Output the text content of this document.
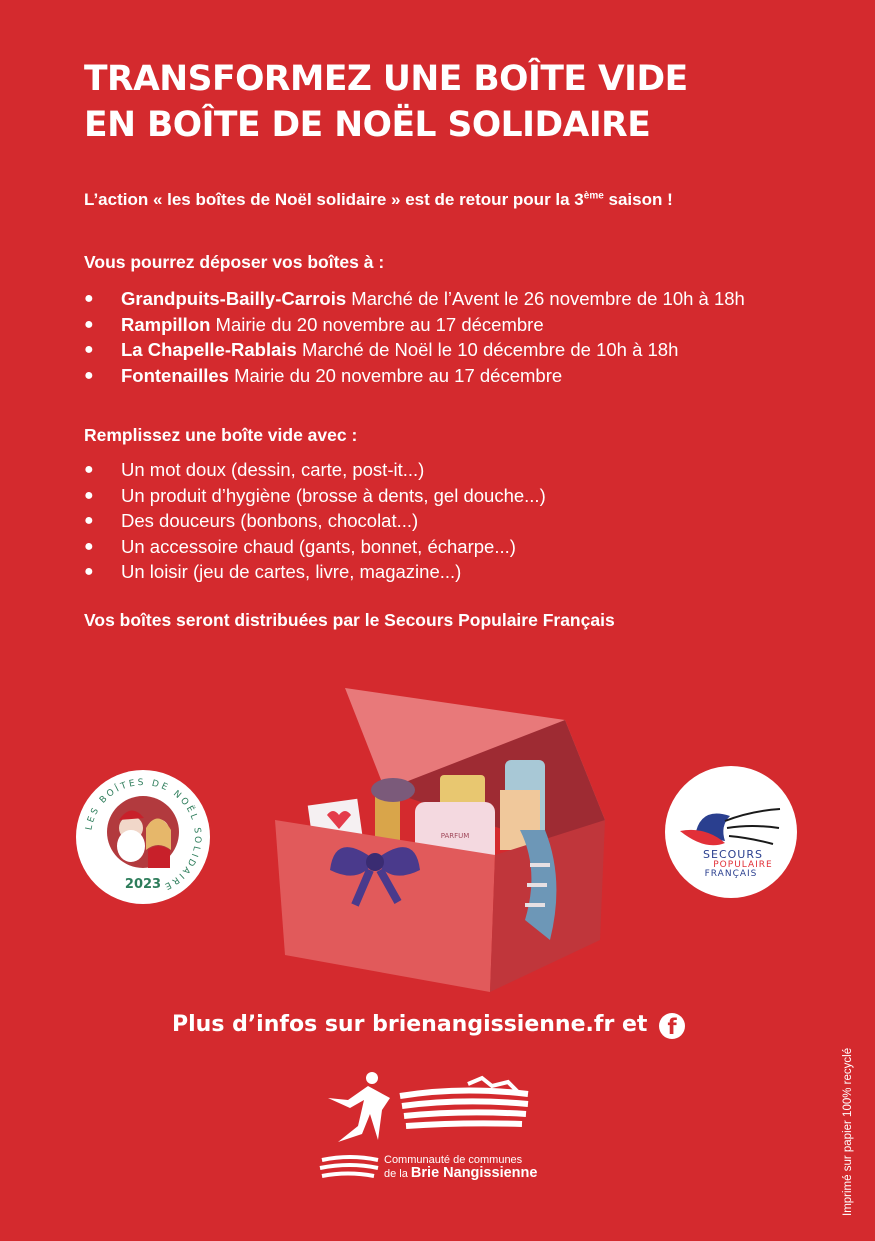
TRANSFORMEZ UNE BOÎTE VIDE
EN BOÎTE DE NOËL SOLIDAIRE
L’action « les boîtes de Noël solidaire » est de retour pour la 3ème saison !
Vous pourrez déposer vos boîtes à :
● Grandpuits-Bailly-Carrois Marché de l’Avent le 26 novembre de 10h à 18h
● Rampillon Mairie du 20 novembre au 17 décembre
● La Chapelle-Rablais Marché de Noël le 10 décembre de 10h à 18h
● Fontenailles Mairie du 20 novembre au 17 décembre
Remplissez une boîte vide avec :
● Un mot doux (dessin, carte, post-it...)
● Un produit d’hygiène (brosse à dents, gel douche...)
● Des douceurs (bonbons, chocolat...)
● Un accessoire chaud (gants, bonnet, écharpe...)
● Un loisir (jeu de cartes, livre, magazine...)
Vos boîtes seront distribuées par le Secours Populaire Français
LES BOÎTES DE NOËL SOLIDAIRE
2023
PARFUM
SECOURS
POPULAIRE
FRANÇAIS
Plus d’infos sur brienangissienne.fr et f
Communauté de communes
de la Brie Nangissienne	Imprimé sur papier 100% recyclé
